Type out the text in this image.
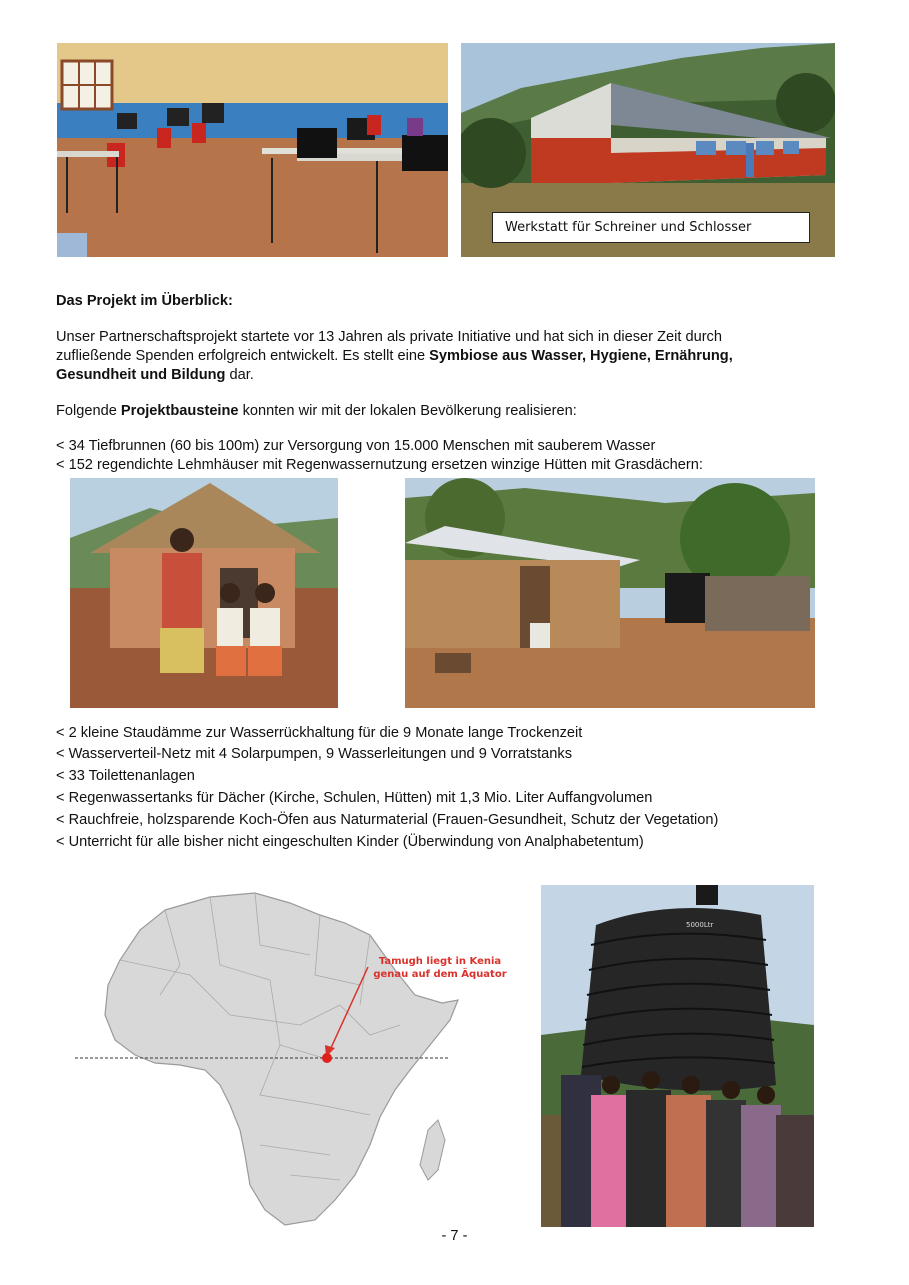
Werkstatt für Schreiner und Schlosser
Das Projekt im Überblick:
Unser Partnerschaftsprojekt startete vor 13 Jahren als private Initiative und hat sich in dieser Zeit durch
zufließende Spenden erfolgreich entwickelt. Es stellt eine Symbiose aus Wasser, Hygiene, Ernährung,
Gesundheit und Bildung dar.
Folgende Projektbausteine konnten wir mit der lokalen Bevölkerung realisieren:
< 34 Tiefbrunnen (60 bis 100m) zur Versorgung von 15.000 Menschen mit sauberem Wasser
< 152 regendichte Lehmhäuser mit Regenwassernutzung ersetzen winzige Hütten mit Grasdächern:
< 2 kleine Staudämme zur Wasserrückhaltung für die 9 Monate lange Trockenzeit
< Wasserverteil-Netz mit 4 Solarpumpen, 9 Wasserleitungen und 9 Vorratstanks
< 33 Toilettenanlagen
< Regenwassertanks für Dächer (Kirche, Schulen, Hütten) mit 1,3 Mio. Liter Auffangvolumen
< Rauchfreie, holzsparende Koch-Öfen aus Naturmaterial (Frauen-Gesundheit, Schutz der Vegetation)
< Unterricht für alle bisher nicht eingeschulten Kinder (Überwindung von Analphabetentum)
Tamugh liegt in Kenia
genau auf dem Äquator
5000Ltr
- 7 -
